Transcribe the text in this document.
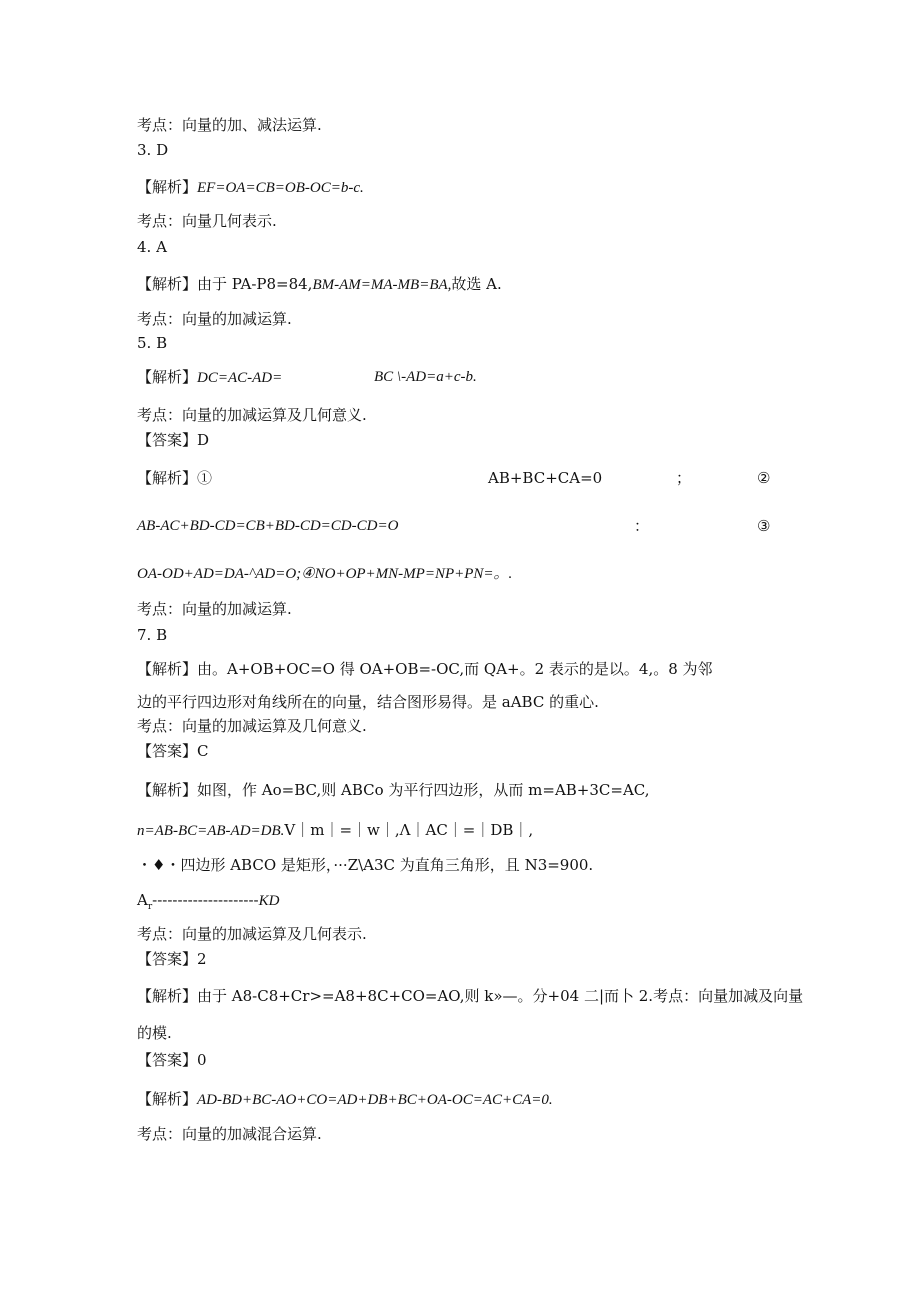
考点：向量的加、减法运算.
3. D
【解析】EF=OA=CB=OB-OC=b-c.
考点：向量几何表示.
4. A
【解析】由于 PA-P8=84,BM-AM=MA-MB=BA,故选 A.
考点：向量的加减运算.
5. B
【解析】DC=AC-AD=	BC \-AD=a+c-b.
考点：向量的加减运算及几何意义.
【答案】D
【解析】①	AB+BC+CA=0	；	②
AB-AC+BD-CD=CB+BD-CD=CD-CD=O	：	③
OA-OD+AD=DA-^AD=O;④NO+OP+MN-MP=NP+PN=。.
考点：向量的加减运算.
7. B
【解析】由。A+OB+OC=O 得 OA+OB=-OC,而 QA+。2 表示的是以。4,。8 为邻
边的平行四边形对角线所在的向量，结合图形易得。是 aABC 的重心.
考点：向量的加减运算及几何意义.
【答案】C
【解析】如图，作 Ao=BC,则 ABCo 为平行四边形，从而 m=AB+3C=AC,
n=AB-BC=AB-AD=DB.V｜m｜=｜w｜,Λ｜AC｜=｜DB｜,
・♦・四边形 ABCO 是矩形，···Z\A3C 为直角三角形，且 N3=900.
$A_r---------------------KD$
考点：向量的加减运算及几何表示.
【答案】2
【解析】由于 A8-C8+Cr>=A8+8C+CO=AO,则 k»—。分+04 二|而卜 2.考点：向量加减及向量
的模.
【答案】0
【解析】AD-BD+BC-AO+CO=AD+DB+BC+OA-OC=AC+CA=0.
考点：向量的加减混合运算.
